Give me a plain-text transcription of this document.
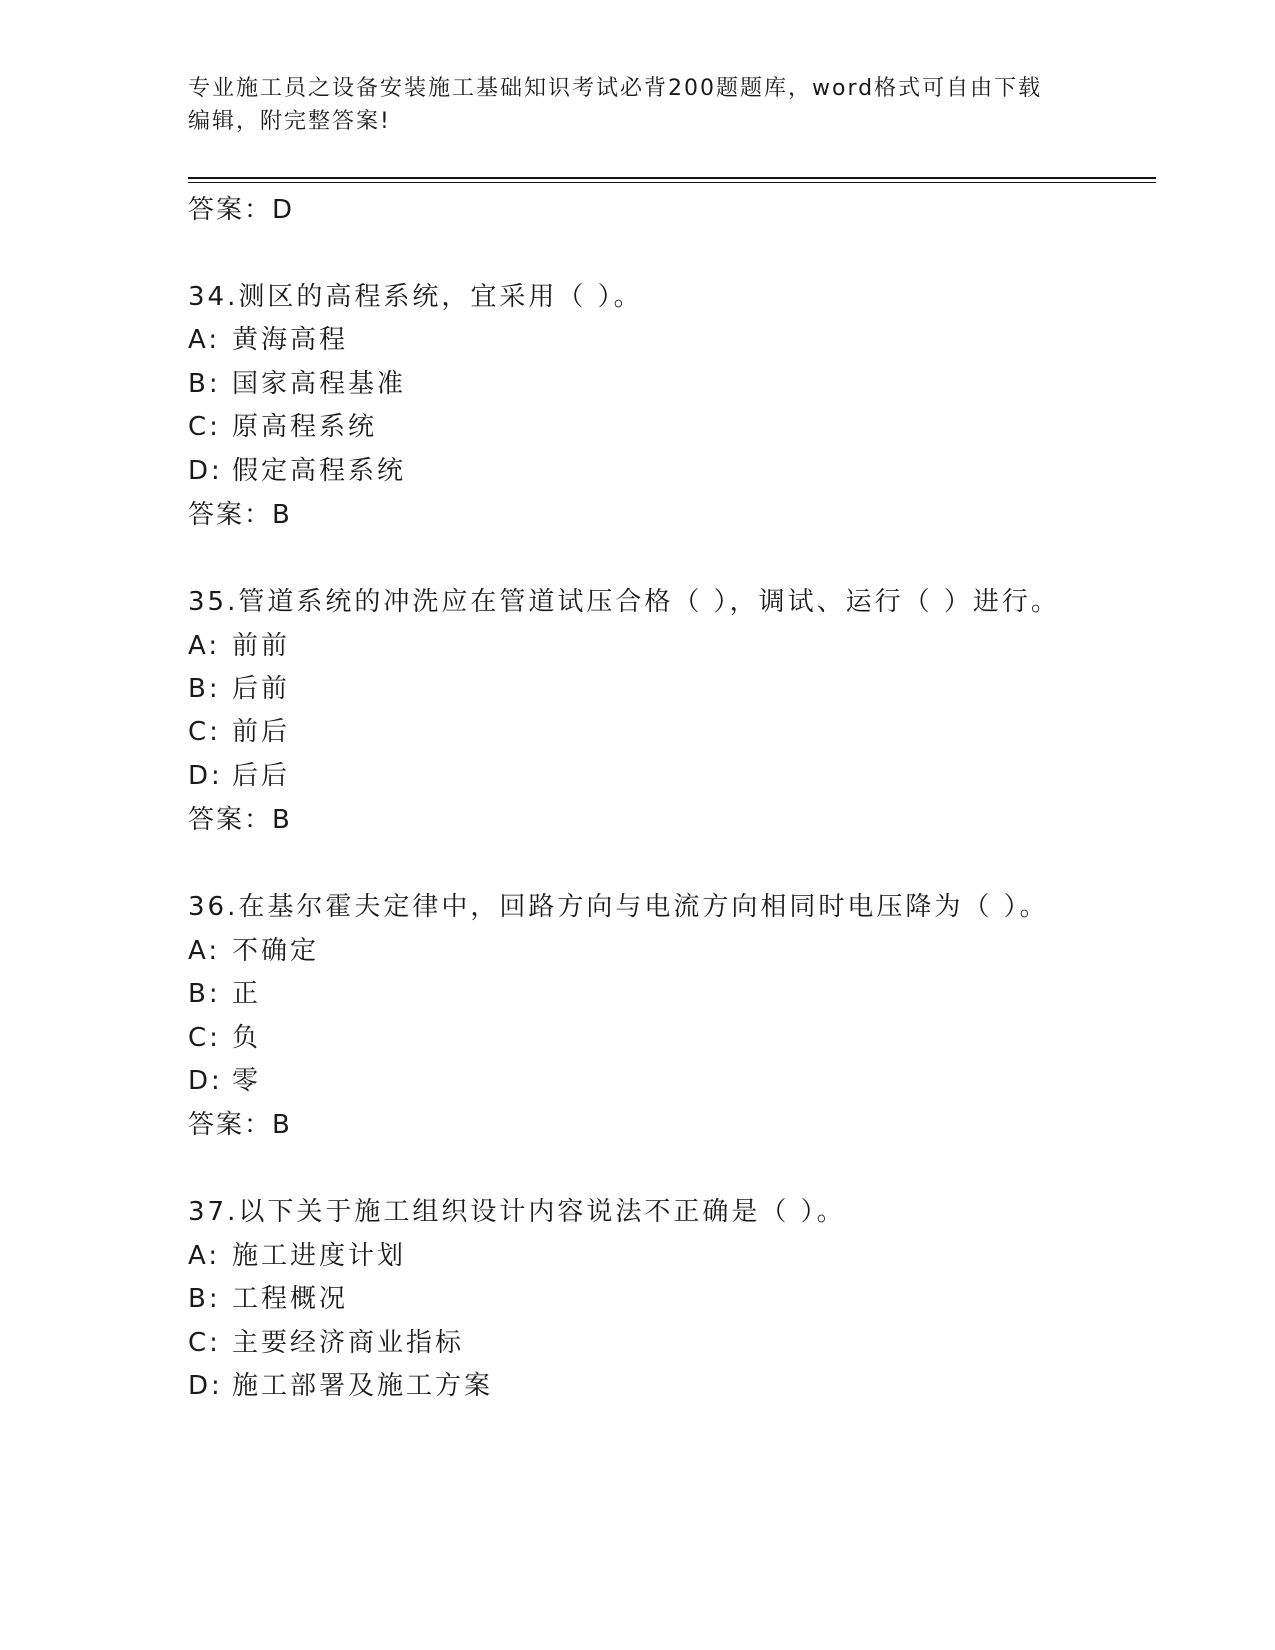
专业施工员之设备安装施工基础知识考试必背200题题库，word格式可自由下载
编辑，附完整答案!
答案：D
34.测区的高程系统，宜采用（ ）。
A: 黄海高程
B: 国家高程基准
C: 原高程系统
D: 假定高程系统
答案：B
35.管道系统的冲洗应在管道试压合格（ ），调试、运行（ ）进行。
A: 前前
B: 后前
C: 前后
D: 后后
答案：B
36.在基尔霍夫定律中，回路方向与电流方向相同时电压降为（ ）。
A: 不确定
B: 正
C: 负
D: 零
答案：B
37.以下关于施工组织设计内容说法不正确是（ ）。
A: 施工进度计划
B: 工程概况
C: 主要经济商业指标
D: 施工部署及施工方案
